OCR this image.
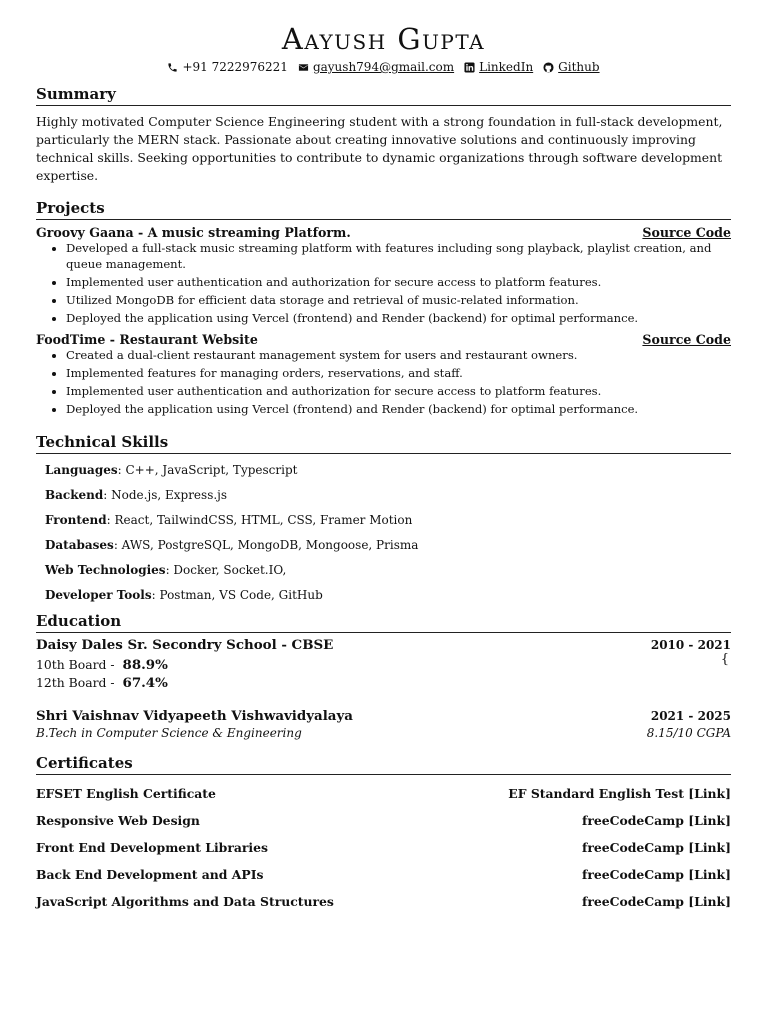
Aayush Gupta
+91 7222976221 gayush794@gmail.com LinkedIn Github
Summary

Highly motivated Computer Science Engineering student with a strong foundation in full-stack development, particularly the MERN stack. Passionate about creating innovative solutions and continuously improving technical skills. Seeking opportunities to contribute to dynamic organizations through software development expertise.

Projects
Groovy Gaana - A music streaming Platform.	Source Code
• Developed a full-stack music streaming platform with features including song playback, playlist creation, and queue management.
• Implemented user authentication and authorization for secure access to platform features.
• Utilized MongoDB for efficient data storage and retrieval of music-related information.
• Deployed the application using Vercel (frontend) and Render (backend) for optimal performance.
FoodTime - Restaurant Website	Source Code
• Created a dual-client restaurant management system for users and restaurant owners.
• Implemented features for managing orders, reservations, and staff.
• Implemented user authentication and authorization for secure access to platform features.
• Deployed the application using Vercel (frontend) and Render (backend) for optimal performance.
Technical Skills
Languages: C++, JavaScript, Typescript
Backend: Node.js, Express.js
Frontend: React, TailwindCSS, HTML, CSS, Framer Motion
Databases: AWS, PostgreSQL, MongoDB, Mongoose, Prisma
Web Technologies: Docker, Socket.IO,
Developer Tools: Postman, VS Code, GitHub
Education
Daisy Dales Sr. Secondry School - CBSE	2010 - 2021
10th Board - 88.9%
12th Board - 67.4%
{
Shri Vaishnav Vidyapeeth Vishwavidyalaya	2021 - 2025
B.Tech in Computer Science & Engineering	8.15/10 CGPA
Certificates
EFSET English Certificate	EF Standard English Test [Link]
Responsive Web Design	freeCodeCamp [Link]
Front End Development Libraries	freeCodeCamp [Link]
Back End Development and APIs	freeCodeCamp [Link]
JavaScript Algorithms and Data Structures	freeCodeCamp [Link]
